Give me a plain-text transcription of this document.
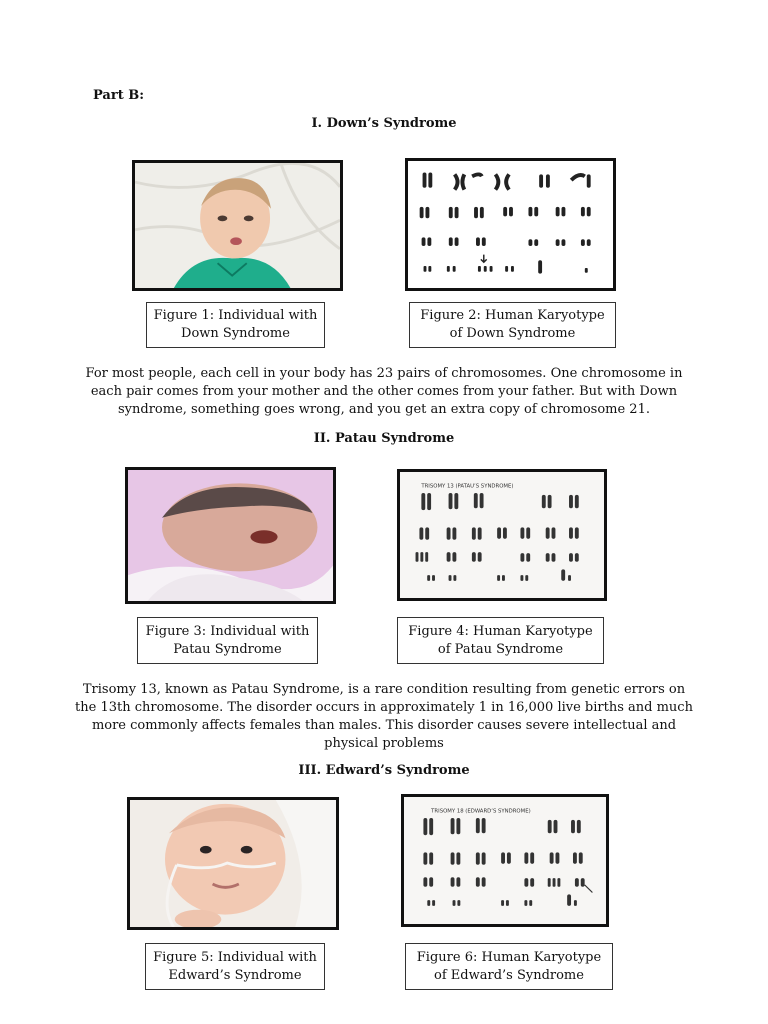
Part B:
I. Down’s Syndrome
Figure 1: Individual with
Down Syndrome
Figure 2: Human Karyotype
of Down Syndrome
For most people, each cell in your body has 23 pairs of chromosomes. One chromosome in
each pair comes from your mother and the other comes from your father. But with Down
syndrome, something goes wrong, and you get an extra copy of chromosome 21.
II. Patau Syndrome
TRISOMY 13 (PATAU’S SYNDROME)
Figure 3: Individual with
Patau Syndrome
Figure 4: Human Karyotype
of Patau Syndrome
Trisomy 13, known as Patau Syndrome, is a rare condition resulting from genetic errors on
the 13th chromosome. The disorder occurs in approximately 1 in 16,000 live births and much
more commonly affects females than males. This disorder causes severe intellectual and
physical problems
III. Edward’s Syndrome
TRISOMY 18 (EDWARD’S SYNDROME)
Figure 5: Individual with
Edward’s Syndrome
Figure 6: Human Karyotype
of Edward’s Syndrome
